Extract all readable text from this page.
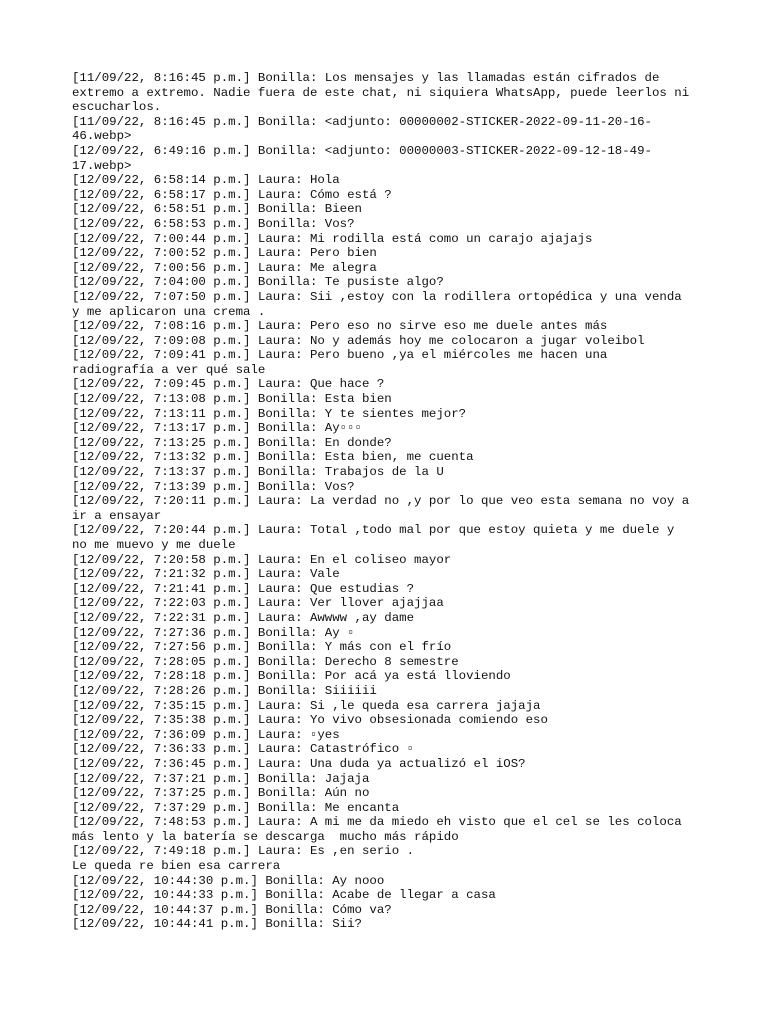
[11/09/22, 8:16:45 p.m.] Bonilla: Los mensajes y las llamadas están cifrados de
extremo a extremo. Nadie fuera de este chat, ni siquiera WhatsApp, puede leerlos ni
escucharlos.
[11/09/22, 8:16:45 p.m.] Bonilla: <adjunto: 00000002-STICKER-2022-09-11-20-16-
46.webp>
[12/09/22, 6:49:16 p.m.] Bonilla: <adjunto: 00000003-STICKER-2022-09-12-18-49-
17.webp>
[12/09/22, 6:58:14 p.m.] Laura: Hola
[12/09/22, 6:58:17 p.m.] Laura: Cómo está ?
[12/09/22, 6:58:51 p.m.] Bonilla: Bieen
[12/09/22, 6:58:53 p.m.] Bonilla: Vos?
[12/09/22, 7:00:44 p.m.] Laura: Mi rodilla está como un carajo ajajajs
[12/09/22, 7:00:52 p.m.] Laura: Pero bien
[12/09/22, 7:00:56 p.m.] Laura: Me alegra
[12/09/22, 7:04:00 p.m.] Bonilla: Te pusiste algo?
[12/09/22, 7:07:50 p.m.] Laura: Sii ,estoy con la rodillera ortopédica y una venda
y me aplicaron una crema .
[12/09/22, 7:08:16 p.m.] Laura: Pero eso no sirve eso me duele antes más
[12/09/22, 7:09:08 p.m.] Laura: No y además hoy me colocaron a jugar voleibol
[12/09/22, 7:09:41 p.m.] Laura: Pero bueno ,ya el miércoles me hacen una
radiografía a ver qué sale
[12/09/22, 7:09:45 p.m.] Laura: Que hace ?
[12/09/22, 7:13:08 p.m.] Bonilla: Esta bien
[12/09/22, 7:13:11 p.m.] Bonilla: Y te sientes mejor?
[12/09/22, 7:13:17 p.m.] Bonilla: Ay▫▫▫
[12/09/22, 7:13:25 p.m.] Bonilla: En donde?
[12/09/22, 7:13:32 p.m.] Bonilla: Esta bien, me cuenta
[12/09/22, 7:13:37 p.m.] Bonilla: Trabajos de la U
[12/09/22, 7:13:39 p.m.] Bonilla: Vos?
[12/09/22, 7:20:11 p.m.] Laura: La verdad no ,y por lo que veo esta semana no voy a
ir a ensayar
[12/09/22, 7:20:44 p.m.] Laura: Total ,todo mal por que estoy quieta y me duele y
no me muevo y me duele
[12/09/22, 7:20:58 p.m.] Laura: En el coliseo mayor
[12/09/22, 7:21:32 p.m.] Laura: Vale
[12/09/22, 7:21:41 p.m.] Laura: Que estudias ?
[12/09/22, 7:22:03 p.m.] Laura: Ver llover ajajjaa
[12/09/22, 7:22:31 p.m.] Laura: Awwww ,ay dame
[12/09/22, 7:27:36 p.m.] Bonilla: Ay ▫
[12/09/22, 7:27:56 p.m.] Bonilla: Y más con el frío
[12/09/22, 7:28:05 p.m.] Bonilla: Derecho 8 semestre
[12/09/22, 7:28:18 p.m.] Bonilla: Por acá ya está lloviendo
[12/09/22, 7:28:26 p.m.] Bonilla: Siiiiii
[12/09/22, 7:35:15 p.m.] Laura: Si ,le queda esa carrera jajaja
[12/09/22, 7:35:38 p.m.] Laura: Yo vivo obsesionada comiendo eso
[12/09/22, 7:36:09 p.m.] Laura: ▫yes
[12/09/22, 7:36:33 p.m.] Laura: Catastrófico ▫
[12/09/22, 7:36:45 p.m.] Laura: Una duda ya actualizó el iOS?
[12/09/22, 7:37:21 p.m.] Bonilla: Jajaja
[12/09/22, 7:37:25 p.m.] Bonilla: Aún no
[12/09/22, 7:37:29 p.m.] Bonilla: Me encanta
[12/09/22, 7:48:53 p.m.] Laura: A mi me da miedo eh visto que el cel se les coloca
más lento y la batería se descarga  mucho más rápido
[12/09/22, 7:49:18 p.m.] Laura: Es ,en serio .
Le queda re bien esa carrera
[12/09/22, 10:44:30 p.m.] Bonilla: Ay nooo
[12/09/22, 10:44:33 p.m.] Bonilla: Acabe de llegar a casa
[12/09/22, 10:44:37 p.m.] Bonilla: Cómo va?
[12/09/22, 10:44:41 p.m.] Bonilla: Sii?
